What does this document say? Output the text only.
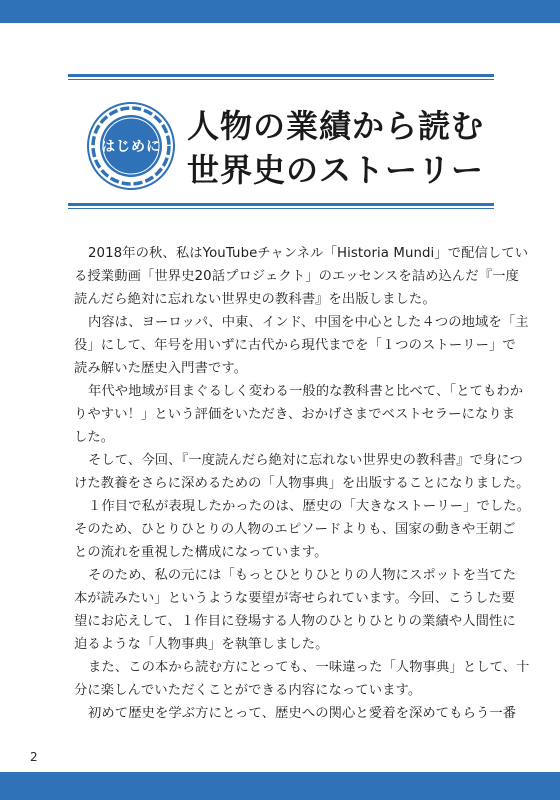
はじめに
人物の業績から読む
世界史のストーリー
2018年の秋、私はYouTubeチャンネル「Historia Mundi」で配信してい
る授業動画「世界史20話プロジェクト」のエッセンスを詰め込んだ『一度
読んだら絶対に忘れない世界史の教科書』を出版しました。
内容は、ヨーロッパ、中東、インド、中国を中心とした４つの地域を「主
役」にして、年号を用いずに古代から現代までを「１つのストーリー」で
読み解いた歴史入門書です。
年代や地域が目まぐるしく変わる一般的な教科書と比べて、「とてもわか
りやすい！」という評価をいただき、おかげさまでベストセラーになりま
した。
そして、今回、『一度読んだら絶対に忘れない世界史の教科書』で身につ
けた教養をさらに深めるための「人物事典」を出版することになりました。
１作目で私が表現したかったのは、歴史の「大きなストーリー」でした。
そのため、ひとりひとりの人物のエピソードよりも、国家の動きや王朝ご
との流れを重視した構成になっています。
そのため、私の元には「もっとひとりひとりの人物にスポットを当てた
本が読みたい」というような要望が寄せられています。今回、こうした要
望にお応えして、１作目に登場する人物のひとりひとりの業績や人間性に
迫るような「人物事典」を執筆しました。
また、この本から読む方にとっても、一味違った「人物事典」として、十
分に楽しんでいただくことができる内容になっています。
初めて歴史を学ぶ方にとって、歴史への関心と愛着を深めてもらう一番
2
